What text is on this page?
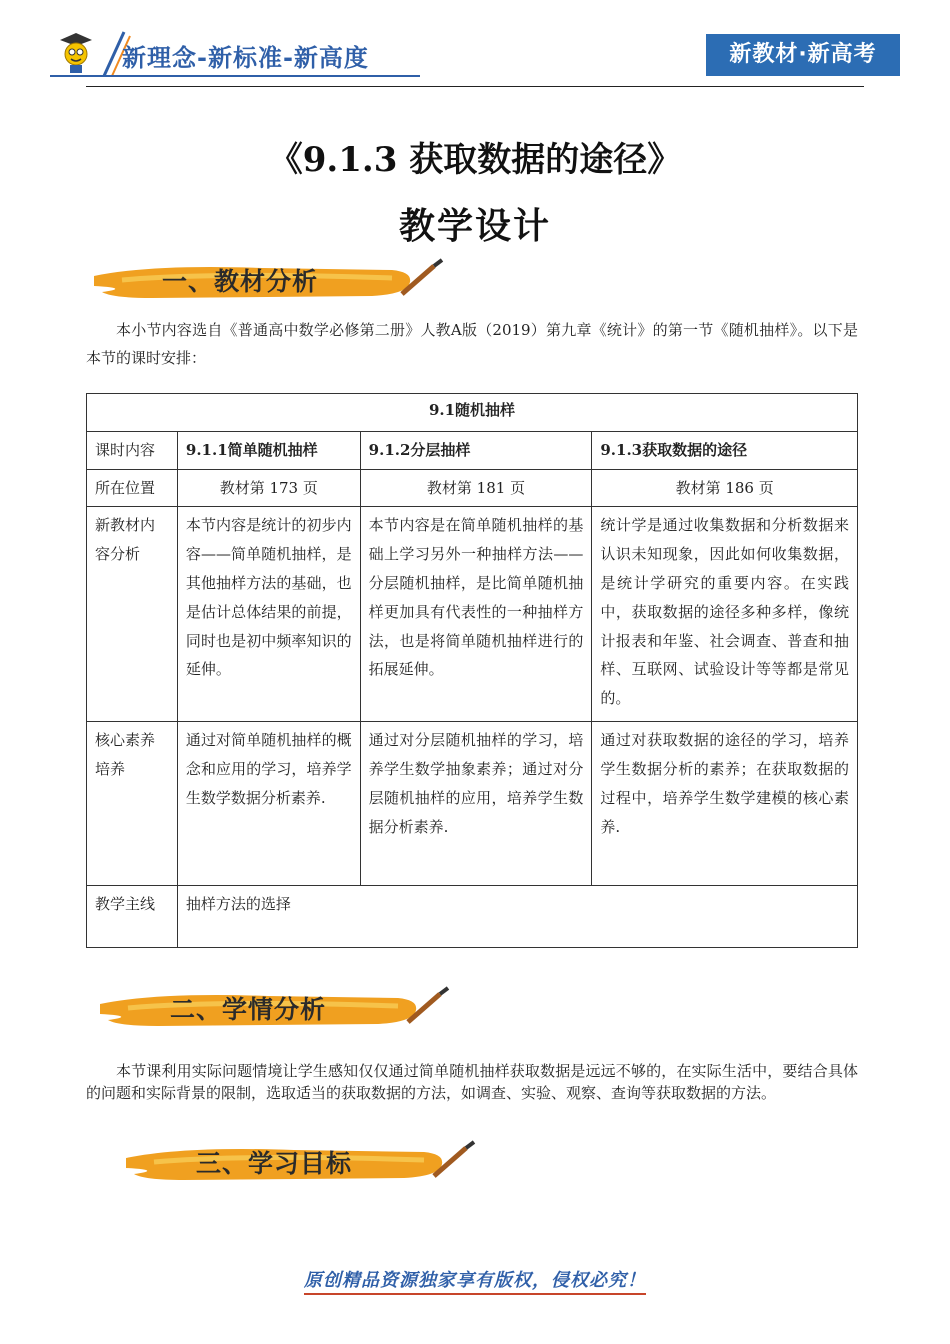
新理念-新标准-新高度	新教材·新高考
《9.1.3 获取数据的途径》
教学设计
一、教材分析
本小节内容选自《普通高中数学必修第二册》人教A版（2019）第九章《统计》的第一节《随机抽样》。以下是本节的课时安排：
9.1随机抽样			
课时内容	9.1.1简单随机抽样	9.1.2分层抽样	9.1.3获取数据的途径
所在位置	教材第 173 页	教材第 181 页	教材第 186 页
新教材内容分析	本节内容是统计的初步内容——简单随机抽样，是其他抽样方法的基础，也是估计总体结果的前提，同时也是初中频率知识的延伸。	本节内容是在简单随机抽样的基础上学习另外一种抽样方法——分层随机抽样，是比简单随机抽样更加具有代表性的一种抽样方法，也是将简单随机抽样进行的拓展延伸。	统计学是通过收集数据和分析数据来认识未知现象，因此如何收集数据，是统计学研究的重要内容。在实践中，获取数据的途径多种多样，像统计报表和年鉴、社会调查、普查和抽样、互联网、试验设计等等都是常见的。
核心素养培养	通过对简单随机抽样的概念和应用的学习，培养学生数学数据分析素养.	通过对分层随机抽样的学习，培养学生数学抽象素养；通过对分层随机抽样的应用，培养学生数据分析素养.	通过对获取数据的途径的学习，培养学生数据分析的素养；在获取数据的过程中，培养学生数学建模的核心素养.
教学主线	抽样方法的选择		
二、学情分析
本节课利用实际问题情境让学生感知仅仅通过简单随机抽样获取数据是远远不够的，在实际生活中，要结合具体的问题和实际背景的限制，选取适当的获取数据的方法，如调查、实验、观察、查询等获取数据的方法。
三、学习目标
原创精品资源独家享有版权，侵权必究！
